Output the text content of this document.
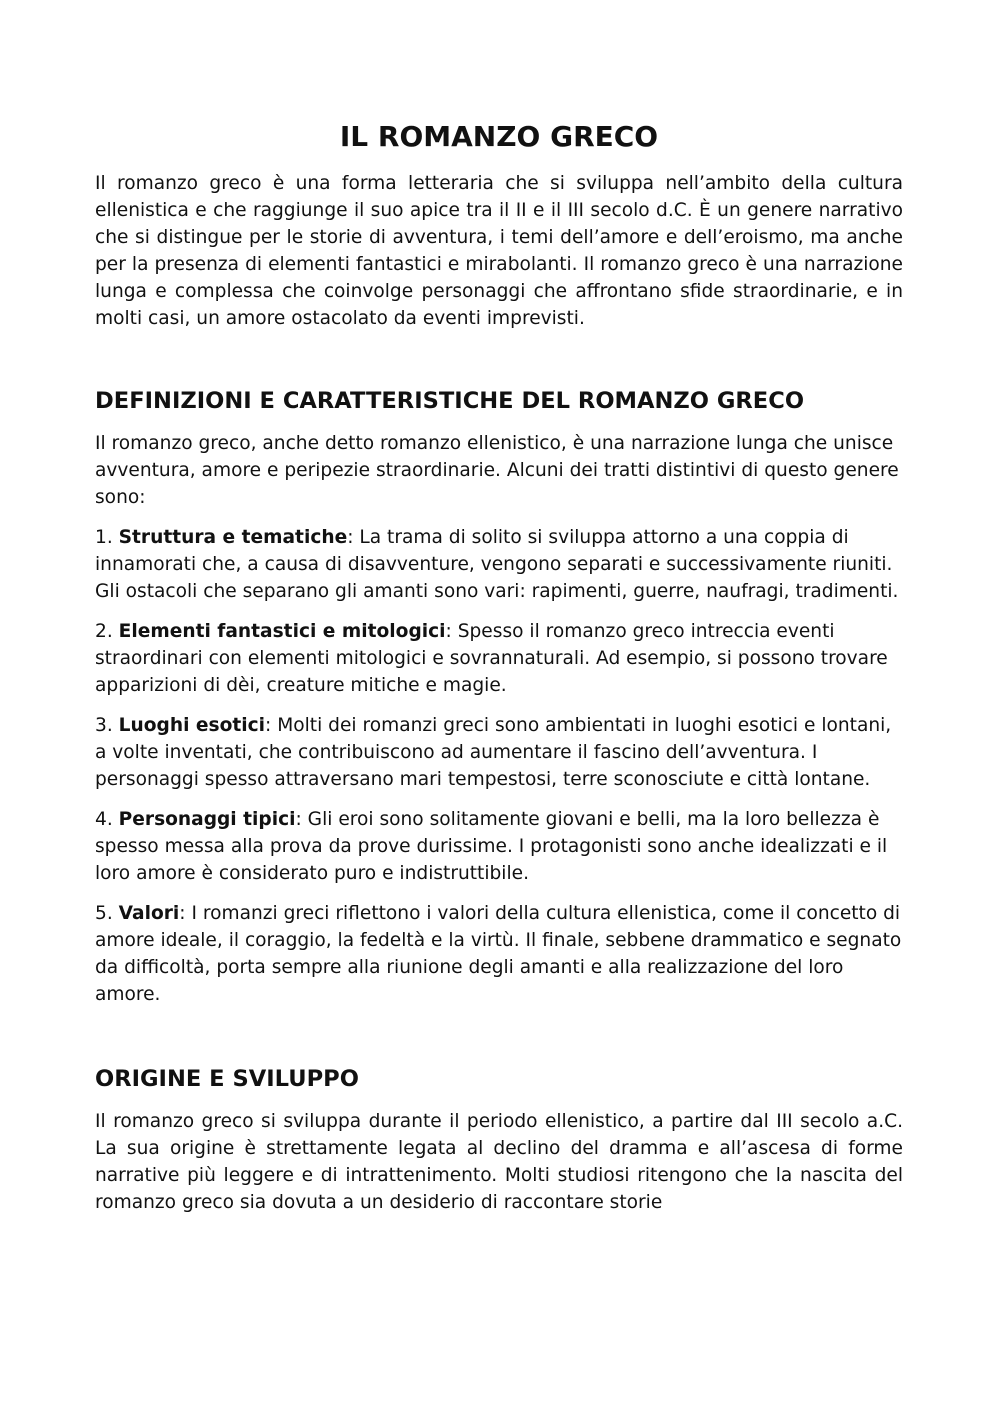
IL ROMANZO GRECO

Il romanzo greco è una forma letteraria che si sviluppa nell’ambito della cultura ellenistica e che raggiunge il suo apice tra il II e il III secolo d.C. È un genere narrativo che si distingue per le storie di avventura, i temi dell’amore e dell’eroismo, ma anche per la presenza di elementi fantastici e mirabolanti. Il romanzo greco è una narrazione lunga e complessa che coinvolge personaggi che affrontano sfide straordinarie, e in molti casi, un amore ostacolato da eventi imprevisti.

DEFINIZIONI E CARATTERISTICHE DEL ROMANZO GRECO

Il romanzo greco, anche detto romanzo ellenistico, è una narrazione lunga che unisce avventura, amore e peripezie straordinarie. Alcuni dei tratti distintivi di questo genere sono:

1. Struttura e tematiche: La trama di solito si sviluppa attorno a una coppia di innamorati che, a causa di disavventure, vengono separati e successivamente riuniti. Gli ostacoli che separano gli amanti sono vari: rapimenti, guerre, naufragi, tradimenti.

2. Elementi fantastici e mitologici: Spesso il romanzo greco intreccia eventi straordinari con elementi mitologici e sovrannaturali. Ad esempio, si possono trovare apparizioni di dèi, creature mitiche e magie.

3. Luoghi esotici: Molti dei romanzi greci sono ambientati in luoghi esotici e lontani, a volte inventati, che contribuiscono ad aumentare il fascino dell’avventura. I personaggi spesso attraversano mari tempestosi, terre sconosciute e città lontane.

4. Personaggi tipici: Gli eroi sono solitamente giovani e belli, ma la loro bellezza è spesso messa alla prova da prove durissime. I protagonisti sono anche idealizzati e il loro amore è considerato puro e indistruttibile.

5. Valori: I romanzi greci riflettono i valori della cultura ellenistica, come il concetto di amore ideale, il coraggio, la fedeltà e la virtù. Il finale, sebbene drammatico e segnato da difficoltà, porta sempre alla riunione degli amanti e alla realizzazione del loro amore.

ORIGINE E SVILUPPO

Il romanzo greco si sviluppa durante il periodo ellenistico, a partire dal III secolo a.C. La sua origine è strettamente legata al declino del dramma e all’ascesa di forme narrative più leggere e di intrattenimento. Molti studiosi ritengono che la nascita del romanzo greco sia dovuta a un desiderio di raccontare storie
